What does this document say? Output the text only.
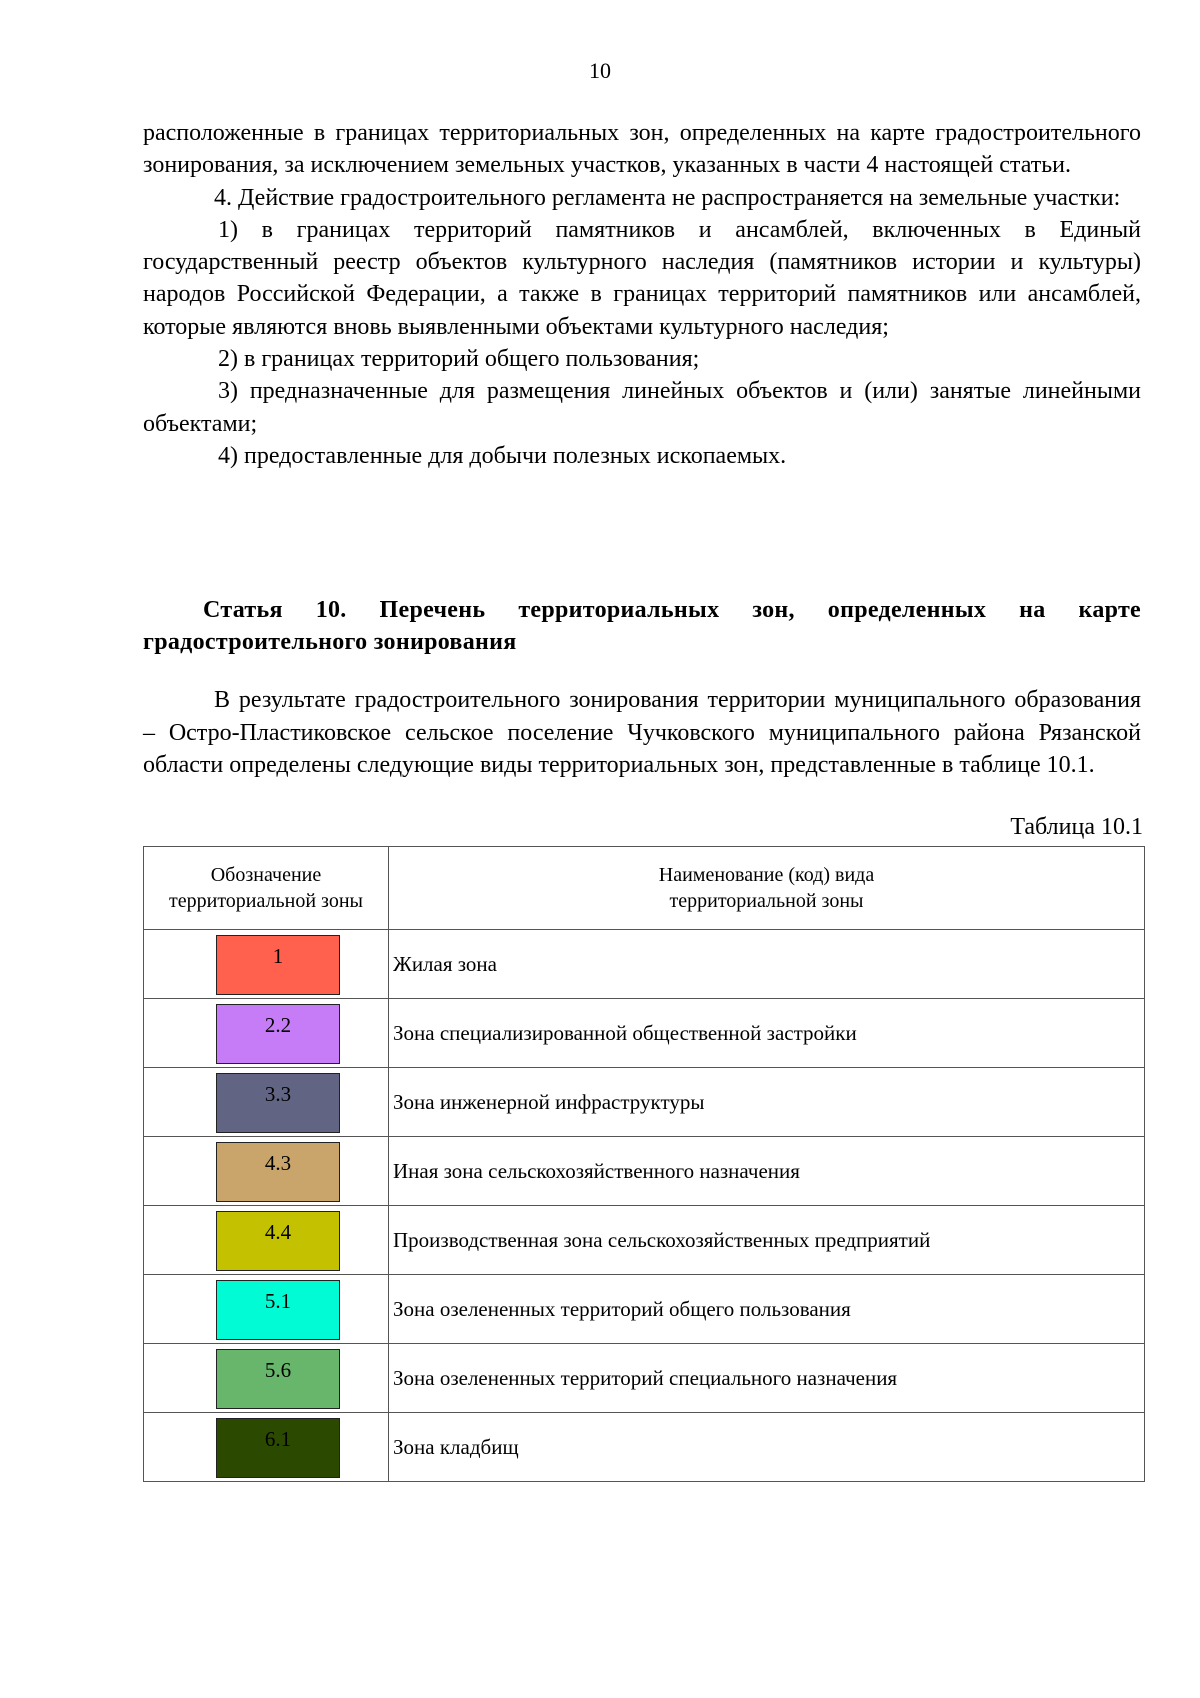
10

расположенные в границах территориальных зон, определенных на карте градостроительного зонирования, за исключением земельных участков, указанных в части 4 настоящей статьи.

4. Действие градостроительного регламента не распространяется на земельные участки:

1) в границах территорий памятников и ансамблей, включенных в Единый государственный реестр объектов культурного наследия (памятников истории и культуры) народов Российской Федерации, а также в границах территорий памятников или ансамблей, которые являются вновь выявленными объектами культурного наследия;

2) в границах территорий общего пользования;

3) предназначенные для размещения линейных объектов и (или) занятые линейными объектами;

4) предоставленные для добычи полезных ископаемых.

Статья 10. Перечень территориальных зон, определенных на карте градостроительного зонирования

В результате градостроительного зонирования территории муниципального образования – Остро-Пластиковское сельское поселение Чучковского муниципального района Рязанской области определены следующие виды территориальных зон, представленные в таблице 10.1.

Таблица 10.1
Обозначение территориальной зоны	Наименование (код) вида территориальной зоны

1	Жилая зона

2.2	Зона специализированной общественной застройки

3.3	Зона инженерной инфраструктуры

4.3	Иная зона сельскохозяйственного назначения

4.4	Производственная зона сельскохозяйственных предприятий

5.1	Зона озелененных территорий общего пользования

5.6	Зона озелененных территорий специального назначения

6.1	Зона кладбищ
